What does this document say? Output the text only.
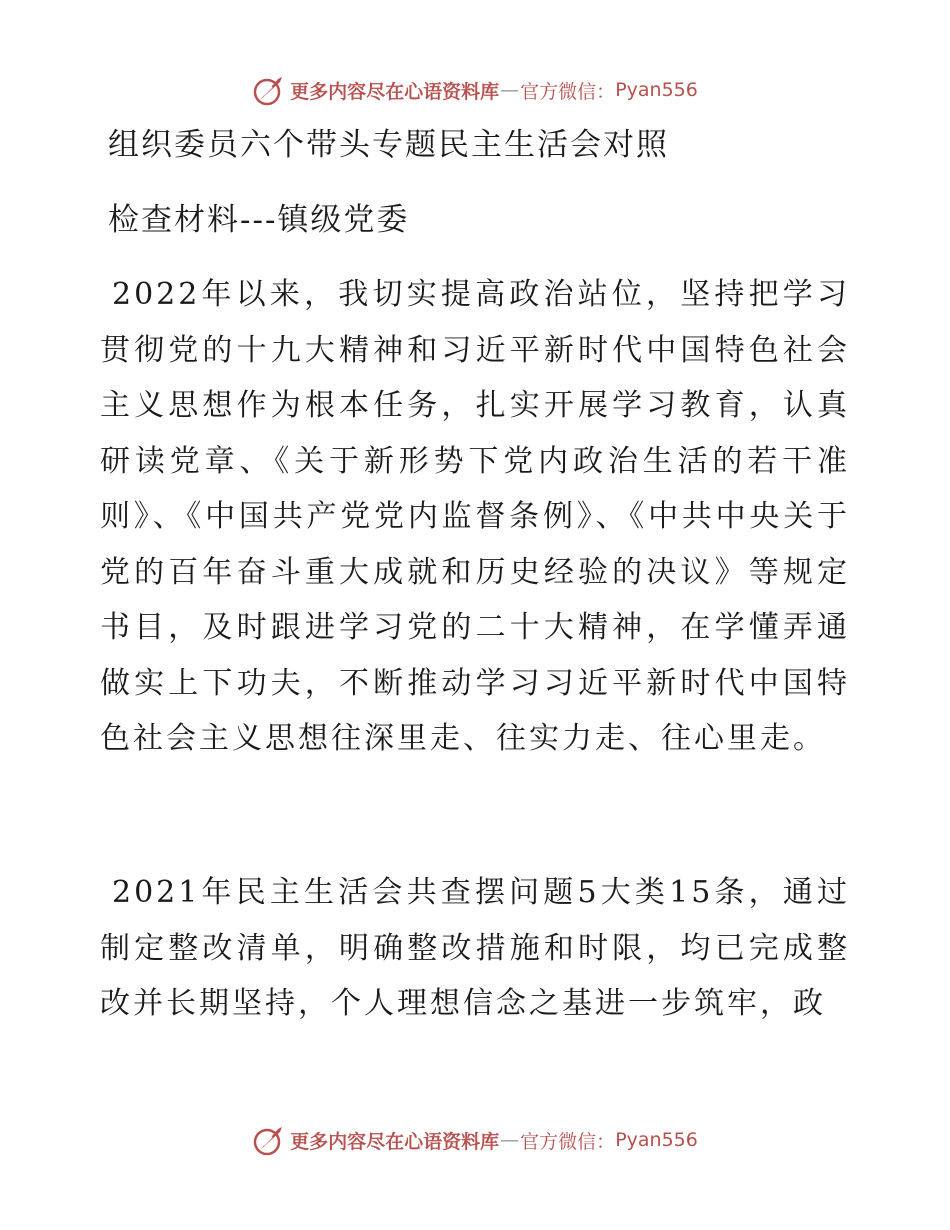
更多内容尽在心语资料库 — 官方微信： Pyan556
组织委员六个带头专题民主生活会对照
检查材料---镇级党委

2022年以来，我切实提高政治站位，坚持把学习贯彻党的十九大精神和习近平新时代中国特色社会主义思想作为根本任务，扎实开展学习教育，认真研读党章、《关于新形势下党内政治生活的若干准则》、《中国共产党党内监督条例》、《中共中央关于党的百年奋斗重大成就和历史经验的决议》等规定书目，及时跟进学习党的二十大精神，在学懂弄通做实上下功夫，不断推动学习习近平新时代中国特色社会主义思想往深里走、往实力走、往心里走。

2021年民主生活会共查摆问题5大类15条，通过制定整改清单，明确整改措施和时限，均已完成整改并长期坚持，个人理想信念之基进一步筑牢，政

更多内容尽在心语资料库 — 官方微信： Pyan556
